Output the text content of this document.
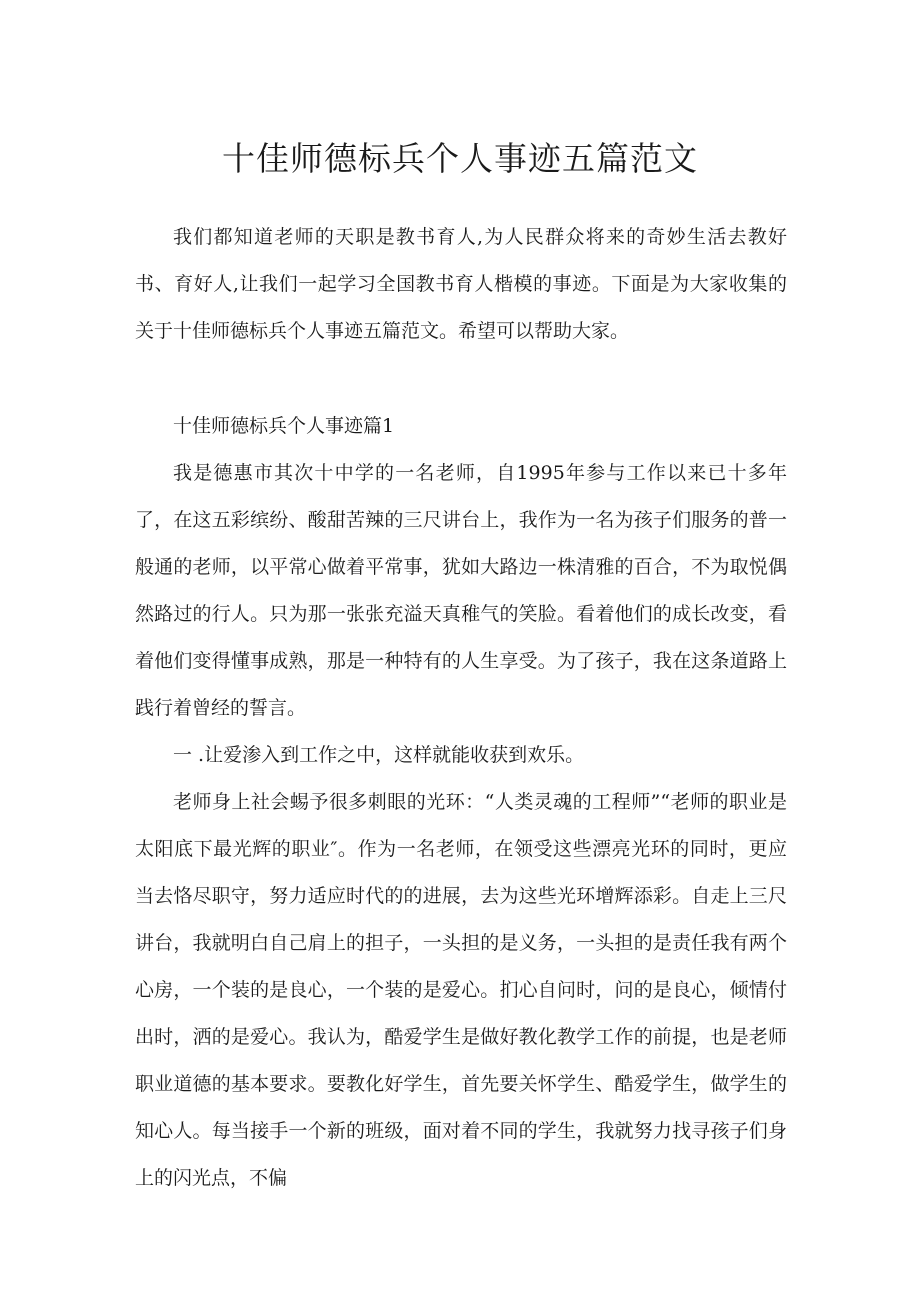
十佳师德标兵个人事迹五篇范文

我们都知道老师的天职是教书育人,为人民群众将来的奇妙生活去教好书、育好人,让我们一起学习全国教书育人楷模的事迹。下面是为大家收集的关于十佳师德标兵个人事迹五篇范文。希望可以帮助大家。

十佳师德标兵个人事迹篇1

我是德惠市其次十中学的一名老师，自1995年参与工作以来已十多年了，在这五彩缤纷、酸甜苦辣的三尺讲台上，我作为一名为孩子们服务的普一般通的老师，以平常心做着平常事，犹如大路边一株清雅的百合，不为取悦偶然路过的行人。只为那一张张充溢天真稚气的笑脸。看着他们的成长改变，看着他们变得懂事成熟，那是一种特有的人生享受。为了孩子，我在这条道路上践行着曾经的誓言。

一 .让爱渗入到工作之中，这样就能收获到欢乐。

老师身上社会蜴予很多刺眼的光环：“人类灵魂的工程师”“老师的职业是太阳底下最光辉的职业″。作为一名老师，在领受这些漂亮光环的同时，更应当去恪尽职守，努力适应时代的的进展，去为这些光环增辉添彩。自走上三尺讲台，我就明白自己肩上的担子，一头担的是义务，一头担的是责任我有两个心房，一个装的是良心，一个装的是爱心。扪心自问时，问的是良心，倾情付出时，洒的是爱心。我认为，酷爱学生是做好教化教学工作的前提，也是老师职业道德的基本要求。要教化好学生，首先要关怀学生、酷爱学生，做学生的知心人。每当接手一个新的班级，面对着不同的学生，我就努力找寻孩子们身上的闪光点，不偏
